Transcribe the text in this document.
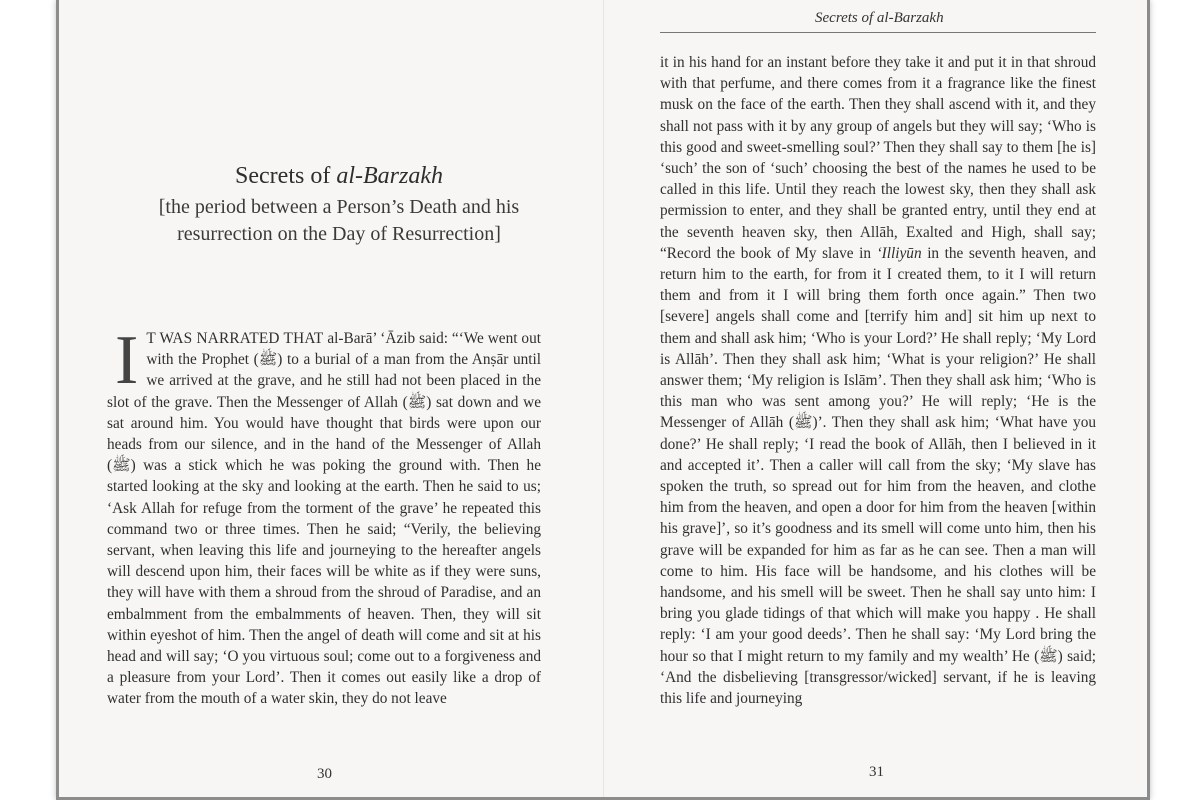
Secrets of al-Barzakh
[the period between a Person’s Death and his resurrection on the Day of Resurrection]
I T WAS NARRATED THAT al-Barā’ ‘Āzib said: “‘We went out with the Prophet (ﷺ) to a burial of a man from the Anṣār until we arrived at the grave, and he still had not been placed in the slot of the grave. Then the Messenger of Allah (ﷺ) sat down and we sat around him. You would have thought that birds were upon our heads from our silence, and in the hand of the Messenger of Allah (ﷺ) was a stick which he was poking the ground with. Then he started looking at the sky and looking at the earth. Then he said to us; ‘Ask Allah for refuge from the torment of the grave’ he repeated this command two or three times. Then he said; “Verily, the believing servant, when leaving this life and journeying to the hereafter angels will descend upon him, their faces will be white as if they were suns, they will have with them a shroud from the shroud of Paradise, and an embalmment from the embalmments of heaven. Then, they will sit within eyeshot of him. Then the angel of death will come and sit at his head and will say; ‘O you virtuous soul; come out to a forgiveness and a pleasure from your Lord’. Then it comes out easily like a drop of water from the mouth of a water skin, they do not leave
30
Secrets of al-Barzakh
it in his hand for an instant before they take it and put it in that shroud with that perfume, and there comes from it a fragrance like the finest musk on the face of the earth. Then they shall ascend with it, and they shall not pass with it by any group of angels but they will say; ‘Who is this good and sweet-smelling soul?’ Then they shall say to them [he is] ‘such’ the son of ‘such’ choosing the best of the names he used to be called in this life. Until they reach the lowest sky, then they shall ask permission to enter, and they shall be granted entry, until they end at the seventh heaven sky, then Allāh, Exalted and High, shall say; “Record the book of My slave in ‘Illiyūn in the seventh heaven, and return him to the earth, for from it I created them, to it I will return them and from it I will bring them forth once again.” Then two [severe] angels shall come and [terrify him and] sit him up next to them and shall ask him; ‘Who is your Lord?’ He shall reply; ‘My Lord is Allāh’. Then they shall ask him; ‘What is your religion?’ He shall answer them; ‘My religion is Islām’. Then they shall ask him; ‘Who is this man who was sent among you?’ He will reply; ‘He is the Messenger of Allāh (ﷺ)’. Then they shall ask him; ‘What have you done?’ He shall reply; ‘I read the book of Allāh, then I believed in it and accepted it’. Then a caller will call from the sky; ‘My slave has spoken the truth, so spread out for him from the heaven, and clothe him from the heaven, and open a door for him from the heaven [within his grave]’, so it’s goodness and its smell will come unto him, then his grave will be expanded for him as far as he can see. Then a man will come to him. His face will be handsome, and his clothes will be handsome, and his smell will be sweet. Then he shall say unto him: I bring you glade tidings of that which will make you happy . He shall reply: ‘I am your good deeds’. Then he shall say: ‘My Lord bring the hour so that I might return to my family and my wealth’ He (ﷺ) said; ‘And the disbelieving [transgressor/wicked] servant, if he is leaving this life and journeying
31
